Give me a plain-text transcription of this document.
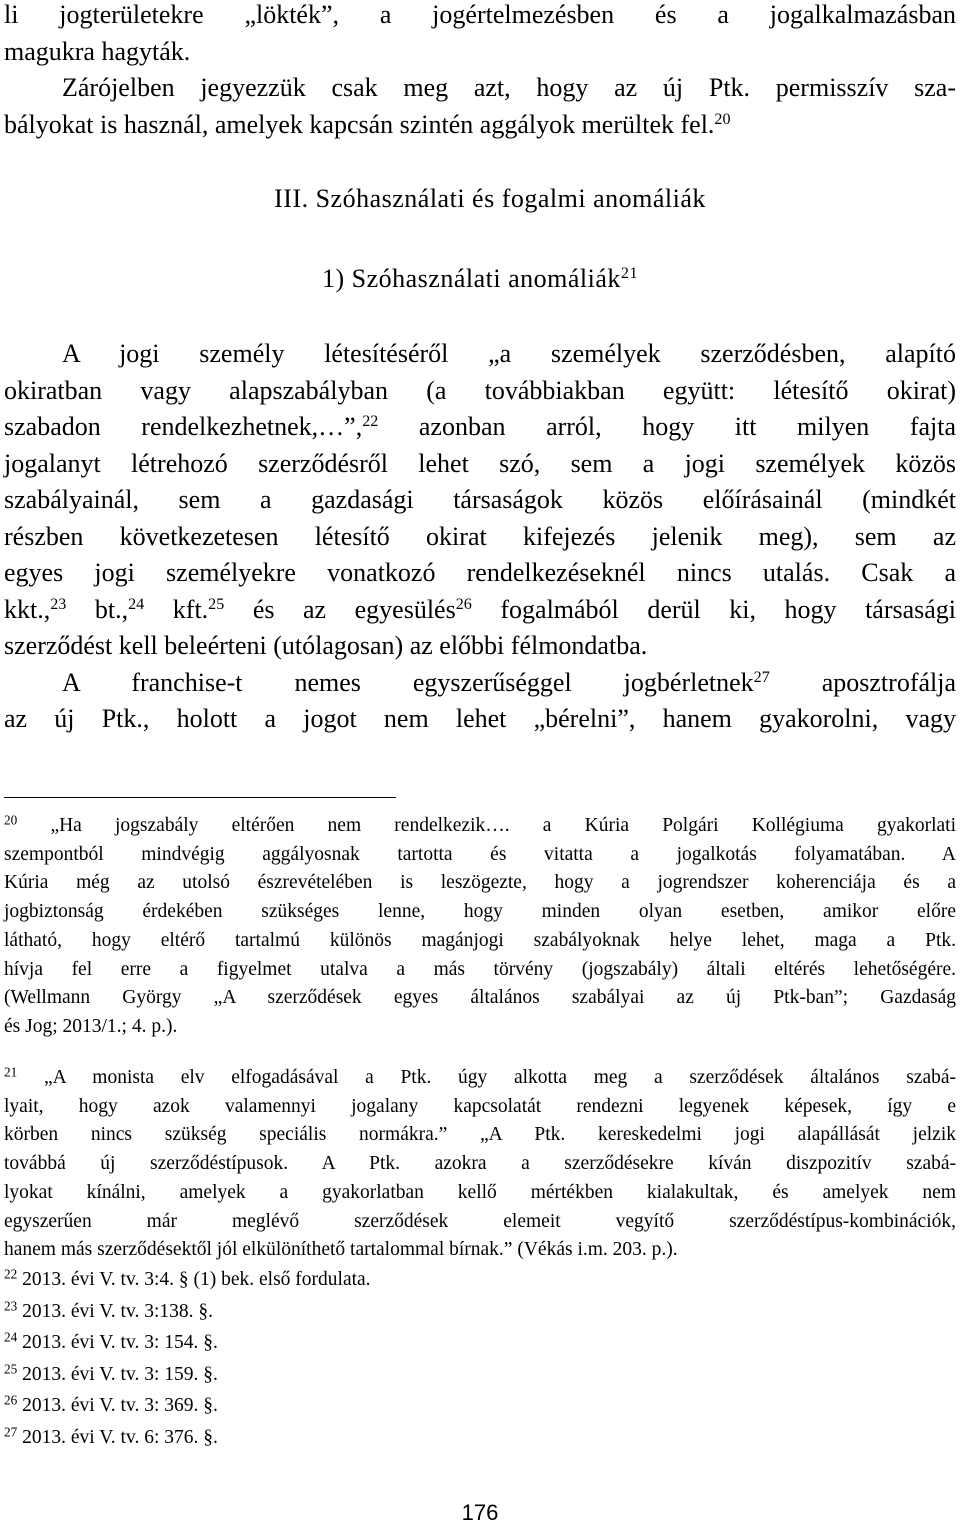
li jogterületekre „lökték”, a jogértelmezésben és a jogalkalmazásban
magukra hagyták.
Zárójelben jegyezzük csak meg azt, hogy az új Ptk. permisszív sza-
bályokat is használ, amelyek kapcsán szintén aggályok merültek fel.$^{20}$
III. Szóhasználati és fogalmi anomáliák
1) Szóhasználati anomáliák$^{21}$
A jogi személy létesítéséről „a személyek szerződésben, alapító
okiratban vagy alapszabályban (a továbbiakban együtt: létesítő okirat)
szabadon rendelkezhetnek,…”,$^{22}$ azonban arról, hogy itt milyen fajta
jogalanyt létrehozó szerződésről lehet szó, sem a jogi személyek közös
szabályainál, sem a gazdasági társaságok közös előírásainál (mindkét
részben következetesen létesítő okirat kifejezés jelenik meg), sem az
egyes jogi személyekre vonatkozó rendelkezéseknél nincs utalás. Csak a
kkt.,$^{23}$ bt.,$^{24}$ kft.$^{25}$ és az egyesülés$^{26}$ fogalmából derül ki, hogy társasági
szerződést kell beleérteni (utólagosan) az előbbi félmondatba.
A franchise-t nemes egyszerűséggel jogbérletnek$^{27}$ aposztrofálja
az új Ptk., holott a jogot nem lehet „bérelni”, hanem gyakorolni, vagy
$^{20}$ „Ha jogszabály eltérően nem rendelkezik…. a Kúria Polgári Kollégiuma gyakorlati
szempontból mindvégig aggályosnak tartotta és vitatta a jogalkotás folyamatában. A
Kúria még az utolsó észrevételében is leszögezte, hogy a jogrendszer koherenciája és a
jogbiztonság érdekében szükséges lenne, hogy minden olyan esetben, amikor előre
látható, hogy eltérő tartalmú különös magánjogi szabályoknak helye lehet, maga a Ptk.
hívja fel erre a figyelmet utalva a más törvény (jogszabály) általi eltérés lehetőségére.
(Wellmann György „A szerződések egyes általános szabályai az új Ptk-ban”; Gazdaság
és Jog; 2013/1.; 4. p.).
$^{21}$ „A monista elv elfogadásával a Ptk. úgy alkotta meg a szerződések általános szabá-
lyait, hogy azok valamennyi jogalany kapcsolatát rendezni legyenek képesek, így e
körben nincs szükség speciális normákra.” „A Ptk. kereskedelmi jogi alapállását jelzik
továbbá új szerződéstípusok. A Ptk. azokra a szerződésekre kíván diszpozitív szabá-
lyokat kínálni, amelyek a gyakorlatban kellő mértékben kialakultak, és amelyek nem
egyszerűen már meglévő szerződések elemeit vegyítő szerződéstípus-kombinációk,
hanem más szerződésektől jól elkülöníthető tartalommal bírnak.” (Vékás i.m. 203. p.).
$^{22}$ 2013. évi V. tv. 3:4. § (1) bek. első fordulata.
$^{23}$ 2013. évi V. tv. 3:138. §.
$^{24}$ 2013. évi V. tv. 3: 154. §.
$^{25}$ 2013. évi V. tv. 3: 159. §.
$^{26}$ 2013. évi V. tv. 3: 369. §.
$^{27}$ 2013. évi V. tv. 6: 376. §.
176
